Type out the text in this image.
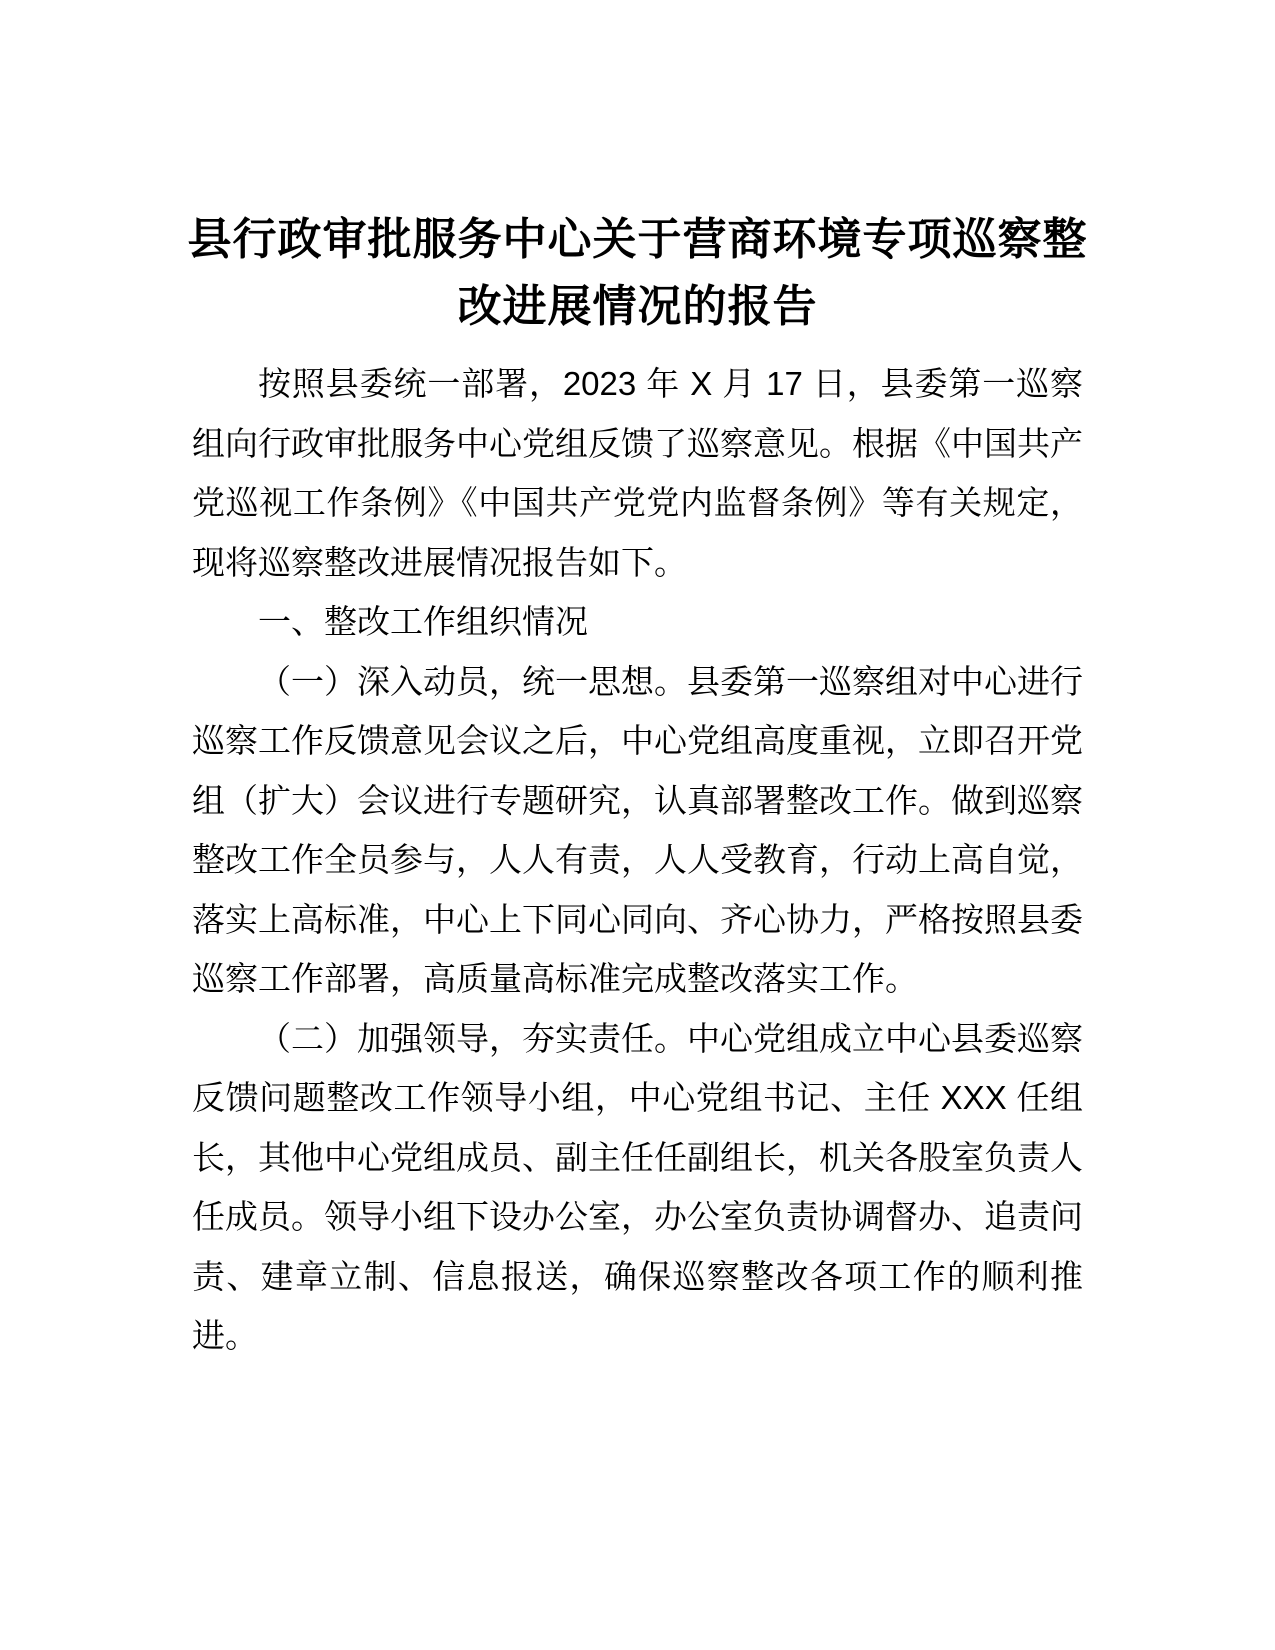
县行政审批服务中心关于营商环境专项巡察整
改进展情况的报告
按照县委统一部署，2023 年 X 月 17 日，县委第一巡察
组向行政审批服务中心党组反馈了巡察意见。根据《中国共产
党巡视工作条例》《中国共产党党内监督条例》等有关规定，
现将巡察整改进展情况报告如下。
一、整改工作组织情况
（一）深入动员，统一思想。县委第一巡察组对中心进行
巡察工作反馈意见会议之后，中心党组高度重视，立即召开党
组（扩大）会议进行专题研究，认真部署整改工作。做到巡察
整改工作全员参与，人人有责，人人受教育，行动上高自觉，
落实上高标准，中心上下同心同向、齐心协力，严格按照县委
巡察工作部署，高质量高标准完成整改落实工作。
（二）加强领导，夯实责任。中心党组成立中心县委巡察
反馈问题整改工作领导小组，中心党组书记、主任 XXX 任组
长，其他中心党组成员、副主任任副组长，机关各股室负责人
任成员。领导小组下设办公室，办公室负责协调督办、追责问
责、建章立制、信息报送，确保巡察整改各项工作的顺利推
进。
